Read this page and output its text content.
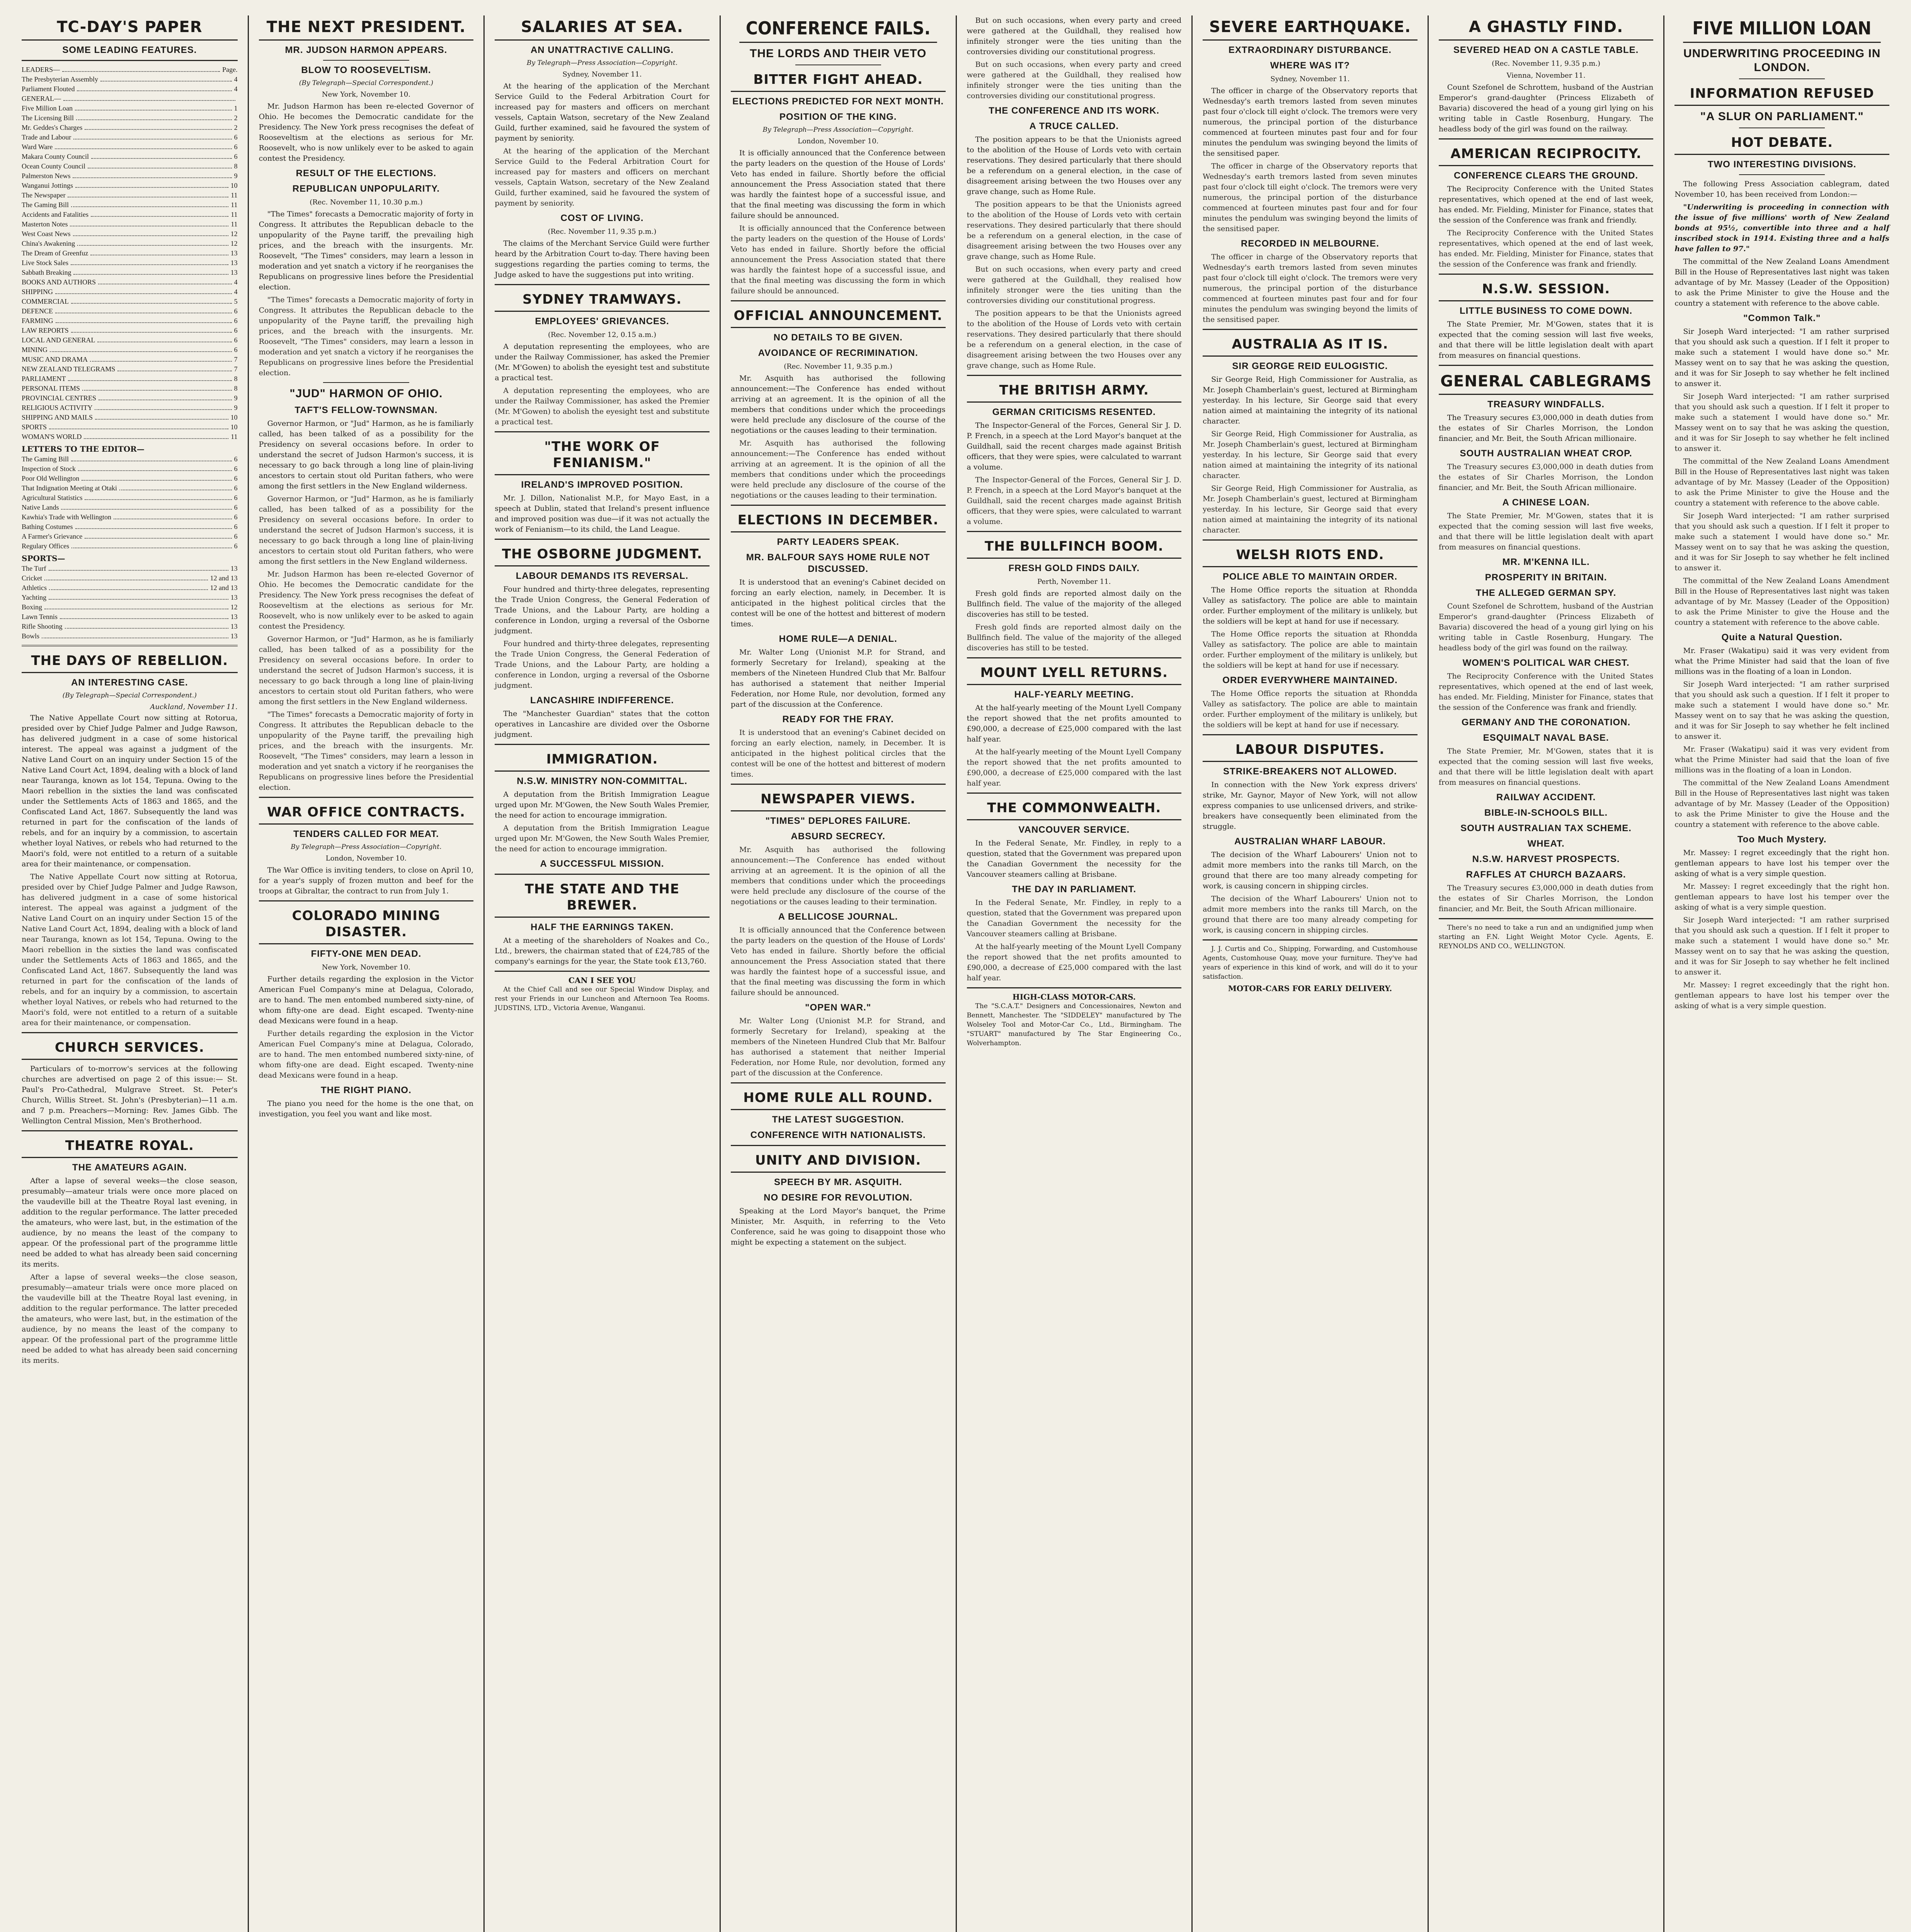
TC-DAY'S PAPER
SOME LEADING FEATURES.
LEADERS—	Page.
The Presbyterian Assembly	4
Parliament Flouted	4
GENERAL—
Five Million Loan	1
The Licensing Bill	2
Mr. Geddes's Charges	2
Trade and Labour	6
Ward Ware	6
Makara County Council	6
Ocean County Council	8
Palmerston News	9
Wanganui Jottings	10
The Newspaper	11
The Gaming Bill	11
Accidents and Fatalities	11
Masterton Notes	11
West Coast News	12
China's Awakening	12
The Dream of Greenfuz	13
Live Stock Sales	13
Sabbath Breaking	13
BOOKS AND AUTHORS	4
SHIPPING	4
COMMERCIAL	5
DEFENCE	6
FARMING	6
LAW REPORTS	6
LOCAL AND GENERAL	6
MINING	6
MUSIC AND DRAMA	7
NEW ZEALAND TELEGRAMS	7
PARLIAMENT	8
PERSONAL ITEMS	8
PROVINCIAL CENTRES	9
RELIGIOUS ACTIVITY	9
SHIPPING AND MAILS	10
SPORTS	10
WOMAN'S WORLD	11
LETTERS TO THE EDITOR—
The Gaming Bill	6
Inspection of Stock	6
Poor Old Wellington	6
That Indignation Meeting at Otaki	6
Agricultural Statistics	6
Native Lands	6
Kawhia's Trade with Wellington	6
Bathing Costumes	6
A Farmer's Grievance	6
Regulary Offices	6
SPORTS—
The Turf	13
Cricket	12 and 13
Athletics	12 and 13
Yachting	13
Boxing	12
Lawn Tennis	13
Rifle Shooting	13
Bowls	13
THE DAYS OF REBELLION.
AN INTERESTING CASE.
(By Telegraph—Special Correspondent.)
Auckland, November 11.

The Native Appellate Court now sitting at Rotorua, presided over by Chief Judge Palmer and Judge Rawson, has delivered judgment in a case of some historical interest. The appeal was against a judgment of the Native Land Court on an inquiry under Section 15 of the Native Land Court Act, 1894, dealing with a block of land near Tauranga, known as lot 154, Tepuna. Owing to the Maori rebellion in the sixties the land was confiscated under the Settlements Acts of 1863 and 1865, and the Confiscated Land Act, 1867. Subsequently the land was returned in part for the confiscation of the lands of rebels, and for an inquiry by a commission, to ascertain whether loyal Natives, or rebels who had returned to the Maori's fold, were not entitled to a return of a suitable area for their maintenance, or compensation.

The Native Appellate Court now sitting at Rotorua, presided over by Chief Judge Palmer and Judge Rawson, has delivered judgment in a case of some historical interest. The appeal was against a judgment of the Native Land Court on an inquiry under Section 15 of the Native Land Court Act, 1894, dealing with a block of land near Tauranga, known as lot 154, Tepuna. Owing to the Maori rebellion in the sixties the land was confiscated under the Settlements Acts of 1863 and 1865, and the Confiscated Land Act, 1867. Subsequently the land was returned in part for the confiscation of the lands of rebels, and for an inquiry by a commission, to ascertain whether loyal Natives, or rebels who had returned to the Maori's fold, were not entitled to a return of a suitable area for their maintenance, or compensation.

CHURCH SERVICES.

Particulars of to-morrow's services at the following churches are advertised on page 2 of this issue:— St. Paul's Pro-Cathedral, Mulgrave Street. St. Peter's Church, Willis Street. St. John's (Presbyterian)—11 a.m. and 7 p.m. Preachers—Morning: Rev. James Gibb. The Wellington Central Mission, Men's Brotherhood.

THEATRE ROYAL.
THE AMATEURS AGAIN.

After a lapse of several weeks—the close season, presumably—amateur trials were once more placed on the vaudeville bill at the Theatre Royal last evening, in addition to the regular performance. The latter preceded the amateurs, who were last, but, in the estimation of the audience, by no means the least of the company to appear. Of the professional part of the programme little need be added to what has already been said concerning its merits.

After a lapse of several weeks—the close season, presumably—amateur trials were once more placed on the vaudeville bill at the Theatre Royal last evening, in addition to the regular performance. The latter preceded the amateurs, who were last, but, in the estimation of the audience, by no means the least of the company to appear. Of the professional part of the programme little need be added to what has already been said concerning its merits.

THE NEXT PRESIDENT.
MR. JUDSON HARMON APPEARS.
BLOW TO ROOSEVELTISM.
(By Telegraph—Special Correspondent.)
New York, November 10.

Mr. Judson Harmon has been re-elected Governor of Ohio. He becomes the Democratic candidate for the Presidency. The New York press recognises the defeat of Rooseveltism at the elections as serious for Mr. Roosevelt, who is now unlikely ever to be asked to again contest the Presidency.

RESULT OF THE ELECTIONS.
REPUBLICAN UNPOPULARITY.
(Rec. November 11, 10.30 p.m.)

"The Times" forecasts a Democratic majority of forty in Congress. It attributes the Republican debacle to the unpopularity of the Payne tariff, the prevailing high prices, and the breach with the insurgents. Mr. Roosevelt, "The Times" considers, may learn a lesson in moderation and yet snatch a victory if he reorganises the Republicans on progressive lines before the Presidential election.

"The Times" forecasts a Democratic majority of forty in Congress. It attributes the Republican debacle to the unpopularity of the Payne tariff, the prevailing high prices, and the breach with the insurgents. Mr. Roosevelt, "The Times" considers, may learn a lesson in moderation and yet snatch a victory if he reorganises the Republicans on progressive lines before the Presidential election.

"JUD" HARMON OF OHIO.
TAFT'S FELLOW-TOWNSMAN.

Governor Harmon, or "Jud" Harmon, as he is familiarly called, has been talked of as a possibility for the Presidency on several occasions before. In order to understand the secret of Judson Harmon's success, it is necessary to go back through a long line of plain-living ancestors to certain stout old Puritan fathers, who were among the first settlers in the New England wilderness.

Governor Harmon, or "Jud" Harmon, as he is familiarly called, has been talked of as a possibility for the Presidency on several occasions before. In order to understand the secret of Judson Harmon's success, it is necessary to go back through a long line of plain-living ancestors to certain stout old Puritan fathers, who were among the first settlers in the New England wilderness.

Mr. Judson Harmon has been re-elected Governor of Ohio. He becomes the Democratic candidate for the Presidency. The New York press recognises the defeat of Rooseveltism at the elections as serious for Mr. Roosevelt, who is now unlikely ever to be asked to again contest the Presidency.

Governor Harmon, or "Jud" Harmon, as he is familiarly called, has been talked of as a possibility for the Presidency on several occasions before. In order to understand the secret of Judson Harmon's success, it is necessary to go back through a long line of plain-living ancestors to certain stout old Puritan fathers, who were among the first settlers in the New England wilderness.

"The Times" forecasts a Democratic majority of forty in Congress. It attributes the Republican debacle to the unpopularity of the Payne tariff, the prevailing high prices, and the breach with the insurgents. Mr. Roosevelt, "The Times" considers, may learn a lesson in moderation and yet snatch a victory if he reorganises the Republicans on progressive lines before the Presidential election.

WAR OFFICE CONTRACTS.
TENDERS CALLED FOR MEAT.
By Telegraph—Press Association—Copyright.
London, November 10.

The War Office is inviting tenders, to close on April 10, for a year's supply of frozen mutton and beef for the troops at Gibraltar, the contract to run from July 1.

COLORADO MINING DISASTER.
FIFTY-ONE MEN DEAD.
New York, November 10.

Further details regarding the explosion in the Victor American Fuel Company's mine at Delagua, Colorado, are to hand. The men entombed numbered sixty-nine, of whom fifty-one are dead. Eight escaped. Twenty-nine dead Mexicans were found in a heap.

Further details regarding the explosion in the Victor American Fuel Company's mine at Delagua, Colorado, are to hand. The men entombed numbered sixty-nine, of whom fifty-one are dead. Eight escaped. Twenty-nine dead Mexicans were found in a heap.

THE RIGHT PIANO.

The piano you need for the home is the one that, on investigation, you feel you want and like most.

SALARIES AT SEA.
AN UNATTRACTIVE CALLING.
By Telegraph—Press Association—Copyright.
Sydney, November 11.

At the hearing of the application of the Merchant Service Guild to the Federal Arbitration Court for increased pay for masters and officers on merchant vessels, Captain Watson, secretary of the New Zealand Guild, further examined, said he favoured the system of payment by seniority.

At the hearing of the application of the Merchant Service Guild to the Federal Arbitration Court for increased pay for masters and officers on merchant vessels, Captain Watson, secretary of the New Zealand Guild, further examined, said he favoured the system of payment by seniority.

COST OF LIVING.
(Rec. November 11, 9.35 p.m.)

The claims of the Merchant Service Guild were further heard by the Arbitration Court to-day. There having been suggestions regarding the parties coming to terms, the Judge asked to have the suggestions put into writing.

SYDNEY TRAMWAYS.
EMPLOYEES' GRIEVANCES.
(Rec. November 12, 0.15 a.m.)

A deputation representing the employees, who are under the Railway Commissioner, has asked the Premier (Mr. M'Gowen) to abolish the eyesight test and substitute a practical test.

A deputation representing the employees, who are under the Railway Commissioner, has asked the Premier (Mr. M'Gowen) to abolish the eyesight test and substitute a practical test.

"THE WORK OF FENIANISM."
IRELAND'S IMPROVED POSITION.

Mr. J. Dillon, Nationalist M.P., for Mayo East, in a speech at Dublin, stated that Ireland's present influence and improved position was due—if it was not actually the work of Fenianism—to its child, the Land League.

THE OSBORNE JUDGMENT.
LABOUR DEMANDS ITS REVERSAL.

Four hundred and thirty-three delegates, representing the Trade Union Congress, the General Federation of Trade Unions, and the Labour Party, are holding a conference in London, urging a reversal of the Osborne judgment.

Four hundred and thirty-three delegates, representing the Trade Union Congress, the General Federation of Trade Unions, and the Labour Party, are holding a conference in London, urging a reversal of the Osborne judgment.

LANCASHIRE INDIFFERENCE.

The "Manchester Guardian" states that the cotton operatives in Lancashire are divided over the Osborne judgment.

IMMIGRATION.
N.S.W. MINISTRY NON-COMMITTAL.

A deputation from the British Immigration League urged upon Mr. M'Gowen, the New South Wales Premier, the need for action to encourage immigration.

A deputation from the British Immigration League urged upon Mr. M'Gowen, the New South Wales Premier, the need for action to encourage immigration.

A SUCCESSFUL MISSION.
THE STATE AND THE BREWER.
HALF THE EARNINGS TAKEN.

At a meeting of the shareholders of Noakes and Co., Ltd., brewers, the chairman stated that of £24,785 of the company's earnings for the year, the State took £13,760.

CAN I SEE YOU

At the Chief Call and see our Special Window Display, and rest your Friends in our Luncheon and Afternoon Tea Rooms. JUDSTINS, LTD., Victoria Avenue, Wanganui.

CONFERENCE FAILS.
THE LORDS AND THEIR VETO
BITTER FIGHT AHEAD.
ELECTIONS PREDICTED FOR NEXT MONTH.
POSITION OF THE KING.
By Telegraph—Press Association—Copyright.
London, November 10.

It is officially announced that the Conference between the party leaders on the question of the House of Lords' Veto has ended in failure. Shortly before the official announcement the Press Association stated that there was hardly the faintest hope of a successful issue, and that the final meeting was discussing the form in which failure should be announced.

It is officially announced that the Conference between the party leaders on the question of the House of Lords' Veto has ended in failure. Shortly before the official announcement the Press Association stated that there was hardly the faintest hope of a successful issue, and that the final meeting was discussing the form in which failure should be announced.

OFFICIAL ANNOUNCEMENT.
NO DETAILS TO BE GIVEN.
AVOIDANCE OF RECRIMINATION.
(Rec. November 11, 9.35 p.m.)

Mr. Asquith has authorised the following announcement:—The Conference has ended without arriving at an agreement. It is the opinion of all the members that conditions under which the proceedings were held preclude any disclosure of the course of the negotiations or the causes leading to their termination.

Mr. Asquith has authorised the following announcement:—The Conference has ended without arriving at an agreement. It is the opinion of all the members that conditions under which the proceedings were held preclude any disclosure of the course of the negotiations or the causes leading to their termination.

ELECTIONS IN DECEMBER.
PARTY LEADERS SPEAK.
MR. BALFOUR SAYS HOME RULE NOT DISCUSSED.

It is understood that an evening's Cabinet decided on forcing an early election, namely, in December. It is anticipated in the highest political circles that the contest will be one of the hottest and bitterest of modern times.

HOME RULE—A DENIAL.

Mr. Walter Long (Unionist M.P. for Strand, and formerly Secretary for Ireland), speaking at the members of the Nineteen Hundred Club that Mr. Balfour has authorised a statement that neither Imperial Federation, nor Home Rule, nor devolution, formed any part of the discussion at the Conference.

READY FOR THE FRAY.

It is understood that an evening's Cabinet decided on forcing an early election, namely, in December. It is anticipated in the highest political circles that the contest will be one of the hottest and bitterest of modern times.

NEWSPAPER VIEWS.
"TIMES" DEPLORES FAILURE.
ABSURD SECRECY.

Mr. Asquith has authorised the following announcement:—The Conference has ended without arriving at an agreement. It is the opinion of all the members that conditions under which the proceedings were held preclude any disclosure of the course of the negotiations or the causes leading to their termination.

A BELLICOSE JOURNAL.

It is officially announced that the Conference between the party leaders on the question of the House of Lords' Veto has ended in failure. Shortly before the official announcement the Press Association stated that there was hardly the faintest hope of a successful issue, and that the final meeting was discussing the form in which failure should be announced.

"OPEN WAR."

Mr. Walter Long (Unionist M.P. for Strand, and formerly Secretary for Ireland), speaking at the members of the Nineteen Hundred Club that Mr. Balfour has authorised a statement that neither Imperial Federation, nor Home Rule, nor devolution, formed any part of the discussion at the Conference.

HOME RULE ALL ROUND.
THE LATEST SUGGESTION.
CONFERENCE WITH NATIONALISTS.
UNITY AND DIVISION.
SPEECH BY MR. ASQUITH.
NO DESIRE FOR REVOLUTION.

Speaking at the Lord Mayor's banquet, the Prime Minister, Mr. Asquith, in referring to the Veto Conference, said he was going to disappoint those who might be expecting a statement on the subject.

But on such occasions, when every party and creed were gathered at the Guildhall, they realised how infinitely stronger were the ties uniting than the controversies dividing our constitutional progress.

But on such occasions, when every party and creed were gathered at the Guildhall, they realised how infinitely stronger were the ties uniting than the controversies dividing our constitutional progress.

THE CONFERENCE AND ITS WORK.
A TRUCE CALLED.

The position appears to be that the Unionists agreed to the abolition of the House of Lords veto with certain reservations. They desired particularly that there should be a referendum on a general election, in the case of disagreement arising between the two Houses over any grave change, such as Home Rule.

The position appears to be that the Unionists agreed to the abolition of the House of Lords veto with certain reservations. They desired particularly that there should be a referendum on a general election, in the case of disagreement arising between the two Houses over any grave change, such as Home Rule.

But on such occasions, when every party and creed were gathered at the Guildhall, they realised how infinitely stronger were the ties uniting than the controversies dividing our constitutional progress.

The position appears to be that the Unionists agreed to the abolition of the House of Lords veto with certain reservations. They desired particularly that there should be a referendum on a general election, in the case of disagreement arising between the two Houses over any grave change, such as Home Rule.

THE BRITISH ARMY.
GERMAN CRITICISMS RESENTED.

The Inspector-General of the Forces, General Sir J. D. P. French, in a speech at the Lord Mayor's banquet at the Guildhall, said the recent charges made against British officers, that they were spies, were calculated to warrant a volume.

The Inspector-General of the Forces, General Sir J. D. P. French, in a speech at the Lord Mayor's banquet at the Guildhall, said the recent charges made against British officers, that they were spies, were calculated to warrant a volume.

THE BULLFINCH BOOM.
FRESH GOLD FINDS DAILY.
Perth, November 11.

Fresh gold finds are reported almost daily on the Bullfinch field. The value of the majority of the alleged discoveries has still to be tested.

Fresh gold finds are reported almost daily on the Bullfinch field. The value of the majority of the alleged discoveries has still to be tested.

MOUNT LYELL RETURNS.
HALF-YEARLY MEETING.

At the half-yearly meeting of the Mount Lyell Company the report showed that the net profits amounted to £90,000, a decrease of £25,000 compared with the last half year.

At the half-yearly meeting of the Mount Lyell Company the report showed that the net profits amounted to £90,000, a decrease of £25,000 compared with the last half year.

THE COMMONWEALTH.
VANCOUVER SERVICE.

In the Federal Senate, Mr. Findley, in reply to a question, stated that the Government was prepared upon the Canadian Government the necessity for the Vancouver steamers calling at Brisbane.

THE DAY IN PARLIAMENT.

In the Federal Senate, Mr. Findley, in reply to a question, stated that the Government was prepared upon the Canadian Government the necessity for the Vancouver steamers calling at Brisbane.

At the half-yearly meeting of the Mount Lyell Company the report showed that the net profits amounted to £90,000, a decrease of £25,000 compared with the last half year.

HIGH-CLASS MOTOR-CARS.

The "S.C.A.T." Designers and Concessionaires, Newton and Bennett, Manchester. The "SIDDELEY" manufactured by The Wolseley Tool and Motor-Car Co., Ltd., Birmingham. The "STUART" manufactured by The Star Engineering Co., Wolverhampton.

SEVERE EARTHQUAKE.
EXTRAORDINARY DISTURBANCE.
WHERE WAS IT?
Sydney, November 11.

The officer in charge of the Observatory reports that Wednesday's earth tremors lasted from seven minutes past four o'clock till eight o'clock. The tremors were very numerous, the principal portion of the disturbance commenced at fourteen minutes past four and for four minutes the pendulum was swinging beyond the limits of the sensitised paper.

The officer in charge of the Observatory reports that Wednesday's earth tremors lasted from seven minutes past four o'clock till eight o'clock. The tremors were very numerous, the principal portion of the disturbance commenced at fourteen minutes past four and for four minutes the pendulum was swinging beyond the limits of the sensitised paper.

RECORDED IN MELBOURNE.

The officer in charge of the Observatory reports that Wednesday's earth tremors lasted from seven minutes past four o'clock till eight o'clock. The tremors were very numerous, the principal portion of the disturbance commenced at fourteen minutes past four and for four minutes the pendulum was swinging beyond the limits of the sensitised paper.

AUSTRALIA AS IT IS.
SIR GEORGE REID EULOGISTIC.

Sir George Reid, High Commissioner for Australia, as Mr. Joseph Chamberlain's guest, lectured at Birmingham yesterday. In his lecture, Sir George said that every nation aimed at maintaining the integrity of its national character.

Sir George Reid, High Commissioner for Australia, as Mr. Joseph Chamberlain's guest, lectured at Birmingham yesterday. In his lecture, Sir George said that every nation aimed at maintaining the integrity of its national character.

Sir George Reid, High Commissioner for Australia, as Mr. Joseph Chamberlain's guest, lectured at Birmingham yesterday. In his lecture, Sir George said that every nation aimed at maintaining the integrity of its national character.

WELSH RIOTS END.
POLICE ABLE TO MAINTAIN ORDER.

The Home Office reports the situation at Rhondda Valley as satisfactory. The police are able to maintain order. Further employment of the military is unlikely, but the soldiers will be kept at hand for use if necessary.

The Home Office reports the situation at Rhondda Valley as satisfactory. The police are able to maintain order. Further employment of the military is unlikely, but the soldiers will be kept at hand for use if necessary.

ORDER EVERYWHERE MAINTAINED.

The Home Office reports the situation at Rhondda Valley as satisfactory. The police are able to maintain order. Further employment of the military is unlikely, but the soldiers will be kept at hand for use if necessary.

LABOUR DISPUTES.
STRIKE-BREAKERS NOT ALLOWED.

In connection with the New York express drivers' strike, Mr. Gaynor, Mayor of New York, will not allow express companies to use unlicensed drivers, and strike-breakers have consequently been eliminated from the struggle.

AUSTRALIAN WHARF LABOUR.

The decision of the Wharf Labourers' Union not to admit more members into the ranks till March, on the ground that there are too many already competing for work, is causing concern in shipping circles.

The decision of the Wharf Labourers' Union not to admit more members into the ranks till March, on the ground that there are too many already competing for work, is causing concern in shipping circles.

J. J. Curtis and Co., Shipping, Forwarding, and Customhouse Agents, Customhouse Quay, move your furniture. They've had years of experience in this kind of work, and will do it to your satisfaction.

MOTOR-CARS FOR EARLY DELIVERY.
A GHASTLY FIND.
SEVERED HEAD ON A CASTLE TABLE.
(Rec. November 11, 9.35 p.m.)
Vienna, November 11.

Count Szefonel de Schrottem, husband of the Austrian Emperor's grand-daughter (Princess Elizabeth of Bavaria) discovered the head of a young girl lying on his writing table in Castle Rosenburg, Hungary. The headless body of the girl was found on the railway.

AMERICAN RECIPROCITY.
CONFERENCE CLEARS THE GROUND.

The Reciprocity Conference with the United States representatives, which opened at the end of last week, has ended. Mr. Fielding, Minister for Finance, states that the session of the Conference was frank and friendly.

The Reciprocity Conference with the United States representatives, which opened at the end of last week, has ended. Mr. Fielding, Minister for Finance, states that the session of the Conference was frank and friendly.

N.S.W. SESSION.
LITTLE BUSINESS TO COME DOWN.

The State Premier, Mr. M'Gowen, states that it is expected that the coming session will last five weeks, and that there will be little legislation dealt with apart from measures on financial questions.

GENERAL CABLEGRAMS
TREASURY WINDFALLS.

The Treasury secures £3,000,000 in death duties from the estates of Sir Charles Morrison, the London financier, and Mr. Beit, the South African millionaire.

SOUTH AUSTRALIAN WHEAT CROP.

The Treasury secures £3,000,000 in death duties from the estates of Sir Charles Morrison, the London financier, and Mr. Beit, the South African millionaire.

A CHINESE LOAN.

The State Premier, Mr. M'Gowen, states that it is expected that the coming session will last five weeks, and that there will be little legislation dealt with apart from measures on financial questions.

MR. M'KENNA ILL.
PROSPERITY IN BRITAIN.
THE ALLEGED GERMAN SPY.

Count Szefonel de Schrottem, husband of the Austrian Emperor's grand-daughter (Princess Elizabeth of Bavaria) discovered the head of a young girl lying on his writing table in Castle Rosenburg, Hungary. The headless body of the girl was found on the railway.

WOMEN'S POLITICAL WAR CHEST.

The Reciprocity Conference with the United States representatives, which opened at the end of last week, has ended. Mr. Fielding, Minister for Finance, states that the session of the Conference was frank and friendly.

GERMANY AND THE CORONATION.
ESQUIMALT NAVAL BASE.

The State Premier, Mr. M'Gowen, states that it is expected that the coming session will last five weeks, and that there will be little legislation dealt with apart from measures on financial questions.

RAILWAY ACCIDENT.
BIBLE-IN-SCHOOLS BILL.
SOUTH AUSTRALIAN TAX SCHEME.
WHEAT.
N.S.W. HARVEST PROSPECTS.
RAFFLES AT CHURCH BAZAARS.

The Treasury secures £3,000,000 in death duties from the estates of Sir Charles Morrison, the London financier, and Mr. Beit, the South African millionaire.

There's no need to take a run and an undignified jump when starting an F.N. Light Weight Motor Cycle. Agents, E. REYNOLDS AND CO., WELLINGTON.

FIVE MILLION LOAN
UNDERWRITING PROCEEDING IN LONDON.
INFORMATION REFUSED
"A SLUR ON PARLIAMENT."
HOT DEBATE.
TWO INTERESTING DIVISIONS.

The following Press Association cablegram, dated November 10, has been received from London:—

"Underwriting is proceeding in connection with the issue of five millions' worth of New Zealand bonds at 95½, convertible into three and a half inscribed stock in 1914. Existing three and a halfs have fallen to 97."

The committal of the New Zealand Loans Amendment Bill in the House of Representatives last night was taken advantage of by Mr. Massey (Leader of the Opposition) to ask the Prime Minister to give the House and the country a statement with reference to the above cable.

"Common Talk."

Sir Joseph Ward interjected: "I am rather surprised that you should ask such a question. If I felt it proper to make such a statement I would have done so." Mr. Massey went on to say that he was asking the question, and it was for Sir Joseph to say whether he felt inclined to answer it.

Sir Joseph Ward interjected: "I am rather surprised that you should ask such a question. If I felt it proper to make such a statement I would have done so." Mr. Massey went on to say that he was asking the question, and it was for Sir Joseph to say whether he felt inclined to answer it.

The committal of the New Zealand Loans Amendment Bill in the House of Representatives last night was taken advantage of by Mr. Massey (Leader of the Opposition) to ask the Prime Minister to give the House and the country a statement with reference to the above cable.

Sir Joseph Ward interjected: "I am rather surprised that you should ask such a question. If I felt it proper to make such a statement I would have done so." Mr. Massey went on to say that he was asking the question, and it was for Sir Joseph to say whether he felt inclined to answer it.

The committal of the New Zealand Loans Amendment Bill in the House of Representatives last night was taken advantage of by Mr. Massey (Leader of the Opposition) to ask the Prime Minister to give the House and the country a statement with reference to the above cable.

Quite a Natural Question.

Mr. Fraser (Wakatipu) said it was very evident from what the Prime Minister had said that the loan of five millions was in the floating of a loan in London.

Sir Joseph Ward interjected: "I am rather surprised that you should ask such a question. If I felt it proper to make such a statement I would have done so." Mr. Massey went on to say that he was asking the question, and it was for Sir Joseph to say whether he felt inclined to answer it.

Mr. Fraser (Wakatipu) said it was very evident from what the Prime Minister had said that the loan of five millions was in the floating of a loan in London.

The committal of the New Zealand Loans Amendment Bill in the House of Representatives last night was taken advantage of by Mr. Massey (Leader of the Opposition) to ask the Prime Minister to give the House and the country a statement with reference to the above cable.

Too Much Mystery.

Mr. Massey: I regret exceedingly that the right hon. gentleman appears to have lost his temper over the asking of what is a very simple question.

Mr. Massey: I regret exceedingly that the right hon. gentleman appears to have lost his temper over the asking of what is a very simple question.

Sir Joseph Ward interjected: "I am rather surprised that you should ask such a question. If I felt it proper to make such a statement I would have done so." Mr. Massey went on to say that he was asking the question, and it was for Sir Joseph to say whether he felt inclined to answer it.

Mr. Massey: I regret exceedingly that the right hon. gentleman appears to have lost his temper over the asking of what is a very simple question.
